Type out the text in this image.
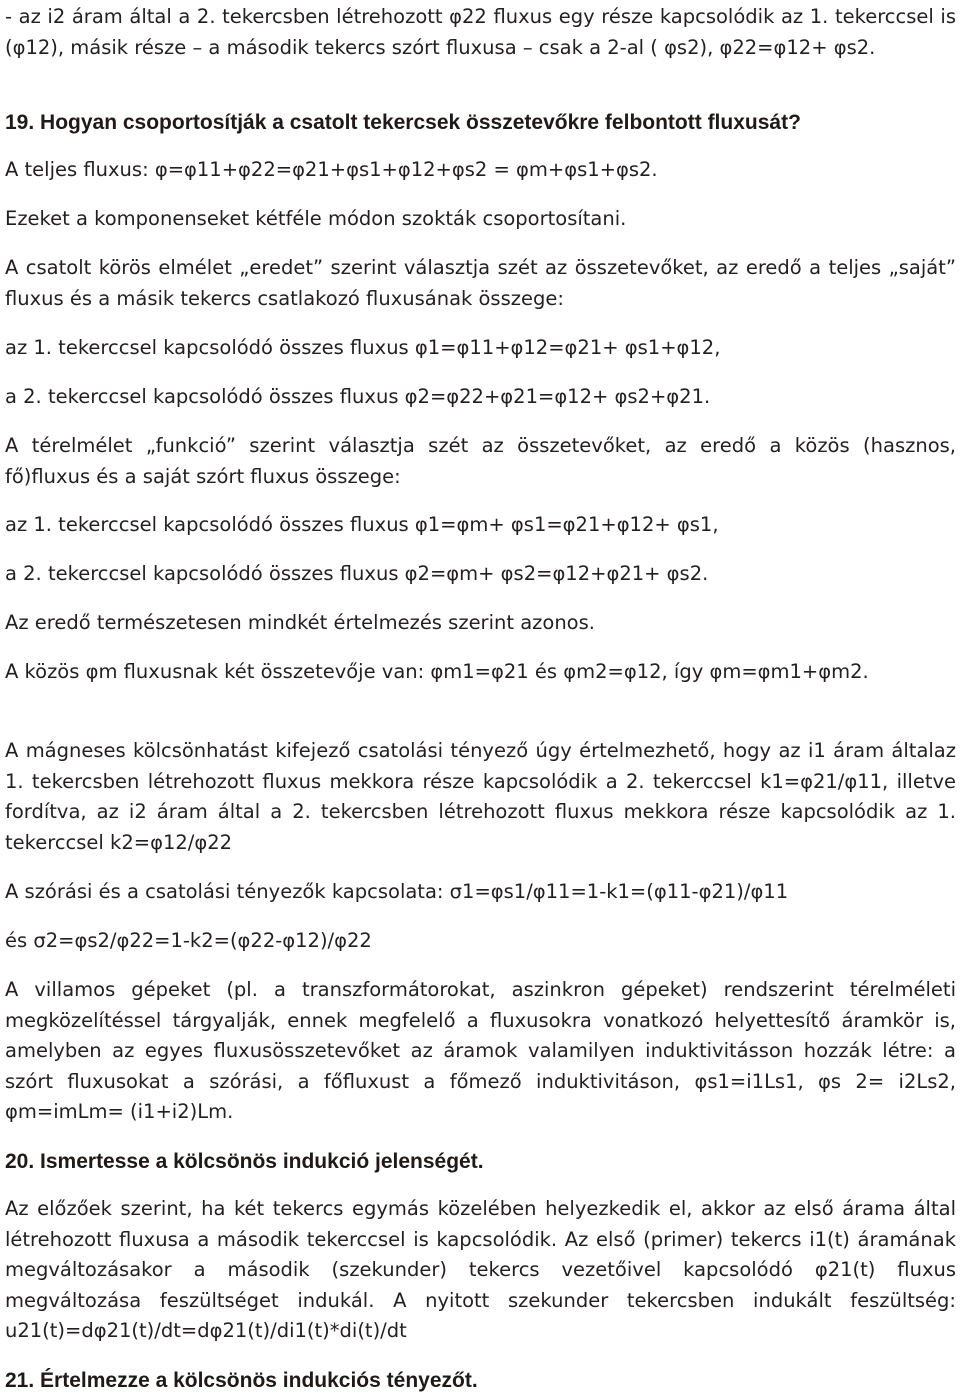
- az i2 áram által a 2. tekercsben létrehozott φ22 fluxus egy része kapcsolódik az 1. tekerccsel is (φ12), másik része – a második tekercs szórt fluxusa – csak a 2-al ( φs2), φ22=φ12+ φs2.

19. Hogyan csoportosítják a csatolt tekercsek összetevőkre felbontott fluxusát?

A teljes fluxus: φ=φ11+φ22=φ21+φs1+φ12+φs2 = φm+φs1+φs2.

Ezeket a komponenseket kétféle módon szokták csoportosítani.

A csatolt körös elmélet „eredet” szerint választja szét az összetevőket, az eredő a teljes „saját” fluxus és a másik tekercs csatlakozó fluxusának összege:

az 1. tekerccsel kapcsolódó összes fluxus φ1=φ11+φ12=φ21+ φs1+φ12,

a 2. tekerccsel kapcsolódó összes fluxus φ2=φ22+φ21=φ12+ φs2+φ21.

A térelmélet „funkció” szerint választja szét az összetevőket, az eredő a közös (hasznos, fő)fluxus és a saját szórt fluxus összege:

az 1. tekerccsel kapcsolódó összes fluxus φ1=φm+ φs1=φ21+φ12+ φs1,

a 2. tekerccsel kapcsolódó összes fluxus φ2=φm+ φs2=φ12+φ21+ φs2.

Az eredő természetesen mindkét értelmezés szerint azonos.

A közös φm fluxusnak két összetevője van: φm1=φ21 és φm2=φ12, így φm=φm1+φm2.

A mágneses kölcsönhatást kifejező csatolási tényező úgy értelmezhető, hogy az i1 áram általaz 1. tekercsben létrehozott fluxus mekkora része kapcsolódik a 2. tekerccsel k1=φ21/φ11, illetve fordítva, az i2 áram által a 2. tekercsben létrehozott fluxus mekkora része kapcsolódik az 1. tekerccsel k2=φ12/φ22

A szórási és a csatolási tényezők kapcsolata: σ1=φs1/φ11=1-k1=(φ11-φ21)/φ11

és σ2=φs2/φ22=1-k2=(φ22-φ12)/φ22

A villamos gépeket (pl. a transzformátorokat, aszinkron gépeket) rendszerint térelméleti megközelítéssel tárgyalják, ennek megfelelő a fluxusokra vonatkozó helyettesítő áramkör is, amelyben az egyes fluxusösszetevőket az áramok valamilyen induktivitásson hozzák létre: a szórt fluxusokat a szórási, a főfluxust a főmező induktivitáson, φs1=i1Ls1, φs 2= i2Ls2, φm=imLm= (i1+i2)Lm.

20. Ismertesse a kölcsönös indukció jelenségét.

Az előzőek szerint, ha két tekercs egymás közelében helyezkedik el, akkor az első árama által létrehozott fluxusa a második tekerccsel is kapcsolódik. Az első (primer) tekercs i1(t) áramának megváltozásakor a második (szekunder) tekercs vezetőivel kapcsolódó φ21(t) fluxus megváltozása feszültséget indukál. A nyitott szekunder tekercsben indukált feszültség: u21(t)=dφ21(t)/dt=dφ21(t)/di1(t)*di(t)/dt

21. Értelmezze a kölcsönös indukciós tényezőt.
